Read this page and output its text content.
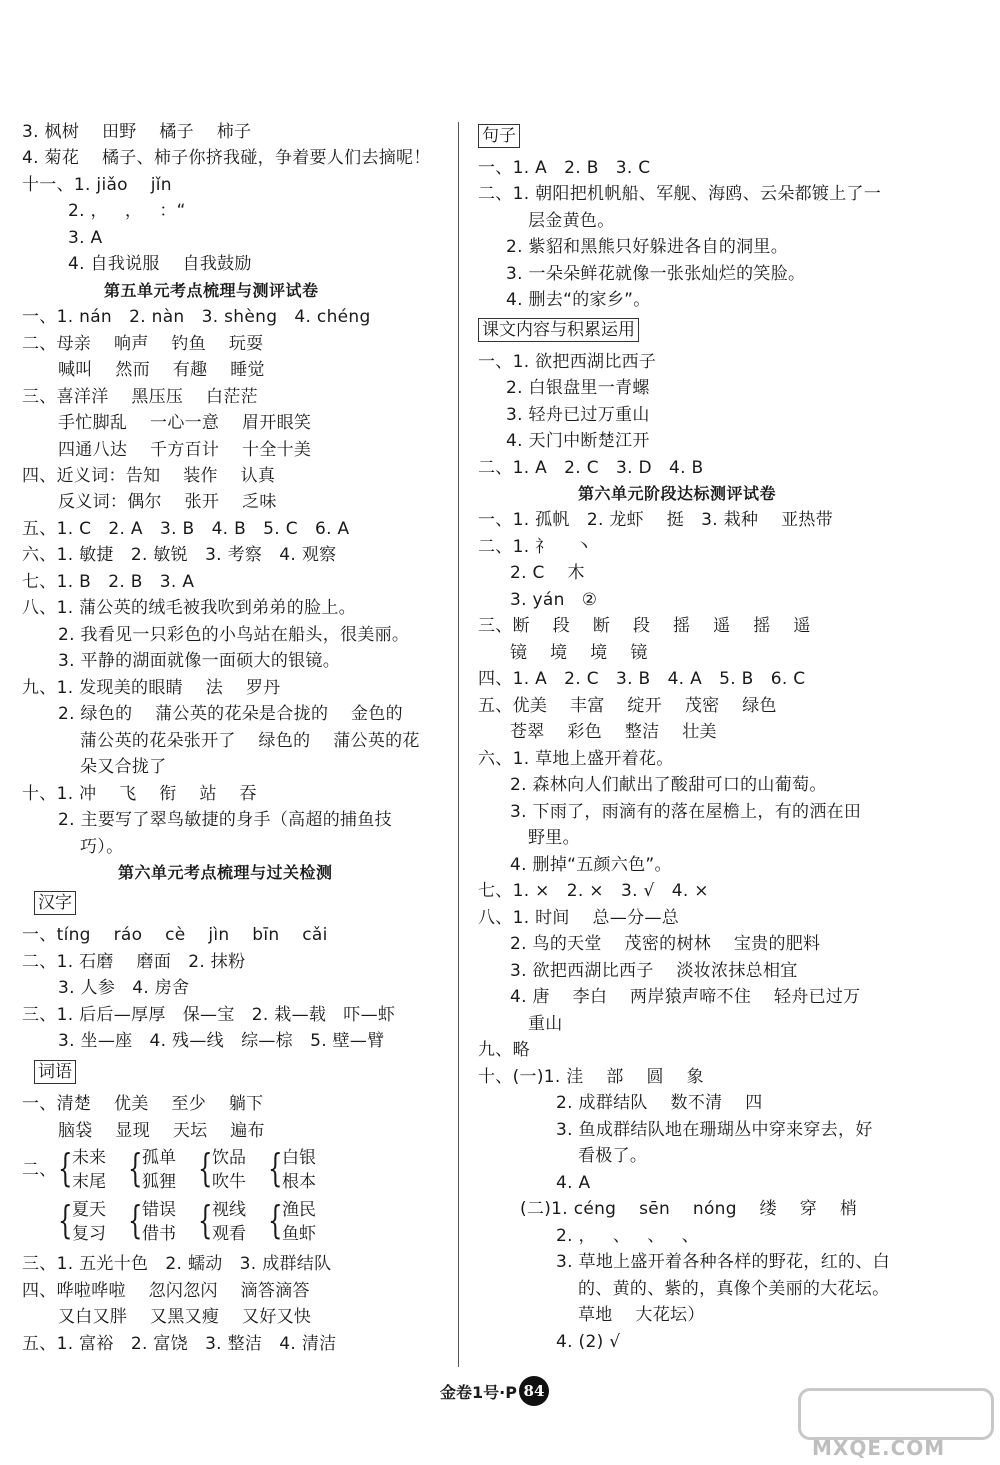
3. 枫树    田野    橘子    柿子
4. 菊花    橘子、柿子你挤我碰，争着要人们去摘呢！
十一、1. jiǎo    jǐn
2. ，   ，   ：“
3. A
4. 自我说服    自我鼓励
第五单元考点梳理与测评试卷
一、1. nán   2. nàn   3. shèng   4. chéng
二、母亲    响声    钓鱼    玩耍
喊叫    然而    有趣    睡觉
三、喜洋洋    黑压压    白茫茫
手忙脚乱    一心一意    眉开眼笑
四通八达    千方百计    十全十美
四、近义词：告知    装作    认真
反义词：偶尔    张开    乏味
五、1. C   2. A   3. B   4. B   5. C   6. A
六、1. 敏捷   2. 敏锐   3. 考察   4. 观察
七、1. B   2. B   3. A
八、1. 蒲公英的绒毛被我吹到弟弟的脸上。
2. 我看见一只彩色的小鸟站在船头，很美丽。
3. 平静的湖面就像一面硕大的银镜。
九、1. 发现美的眼睛    法    罗丹
2. 绿色的    蒲公英的花朵是合拢的    金色的
蒲公英的花朵张开了    绿色的    蒲公英的花
朵又合拢了
十、1. 冲    飞    衔    站    吞
2. 主要写了翠鸟敏捷的身手（高超的捕鱼技
巧）。
第六单元考点梳理与过关检测
汉字
一、tíng    ráo    cè    jìn    bīn    cǎi
二、1. 石磨    磨面   2. 抹粉
3. 人参   4. 房舍
三、1. 后后—厚厚   保—宝   2. 栽—载   吓—虾
3. 坐—座   4. 残—线   综—棕   5. 壁—臂
词语
一、清楚    优美    至少    躺下
脑袋    显现    天坛    遍布
二、 { 未来
末尾 { 孤单
狐狸 { 饮品
吹牛 { 白银
根本
{ 夏天
复习 { 错误
借书 { 视线
观看 { 渔民
鱼虾
三、1. 五光十色   2. 蠕动   3. 成群结队
四、哗啦哗啦    忽闪忽闪    滴答滴答
又白又胖    又黑又瘦    又好又快
五、1. 富裕   2. 富饶   3. 整洁   4. 清洁
句子
一、1. A   2. B   3. C
二、1. 朝阳把机帆船、军舰、海鸥、云朵都镀上了一
层金黄色。
2. 紫貂和黑熊只好躲进各自的洞里。
3. 一朵朵鲜花就像一张张灿烂的笑脸。
4. 删去“的家乡”。
课文内容与积累运用
一、1. 欲把西湖比西子
2. 白银盘里一青螺
3. 轻舟已过万重山
4. 天门中断楚江开
二、1. A   2. C   3. D   4. B
第六单元阶段达标测评试卷
一、1. 孤帆   2. 龙虾    挺   3. 栽种    亚热带
二、1. 礻    丶
2. C    木
3. yán   ②
三、断    段    断    段    摇    遥    摇    遥
镜    境    境    镜
四、1. A   2. C   3. B   4. A   5. B   6. C
五、优美    丰富    绽开    茂密    绿色
苍翠    彩色    整洁    壮美
六、1. 草地上盛开着花。
2. 森林向人们献出了酸甜可口的山葡萄。
3. 下雨了，雨滴有的落在屋檐上，有的洒在田
野里。
4. 删掉“五颜六色”。
七、1. ×   2. ×   3. √   4. ×
八、1. 时间    总—分—总
2. 鸟的天堂    茂密的树林    宝贵的肥料
3. 欲把西湖比西子    淡妆浓抹总相宜
4. 唐    李白    两岸猿声啼不住    轻舟已过万
重山
九、略
十、(一)1. 洼    部    圆    象
2. 成群结队    数不清    四
3. 鱼成群结队地在珊瑚丛中穿来穿去，好
看极了。
4. A
(二)1. céng    sēn    nóng    缕    穿    梢
2. ，   、   、   、
3. 草地上盛开着各种各样的野花，红的、白
的、黄的、紫的，真像个美丽的大花坛。
草地    大花坛）
4. (2) √
金卷1号·P 84
MXQE.COM
